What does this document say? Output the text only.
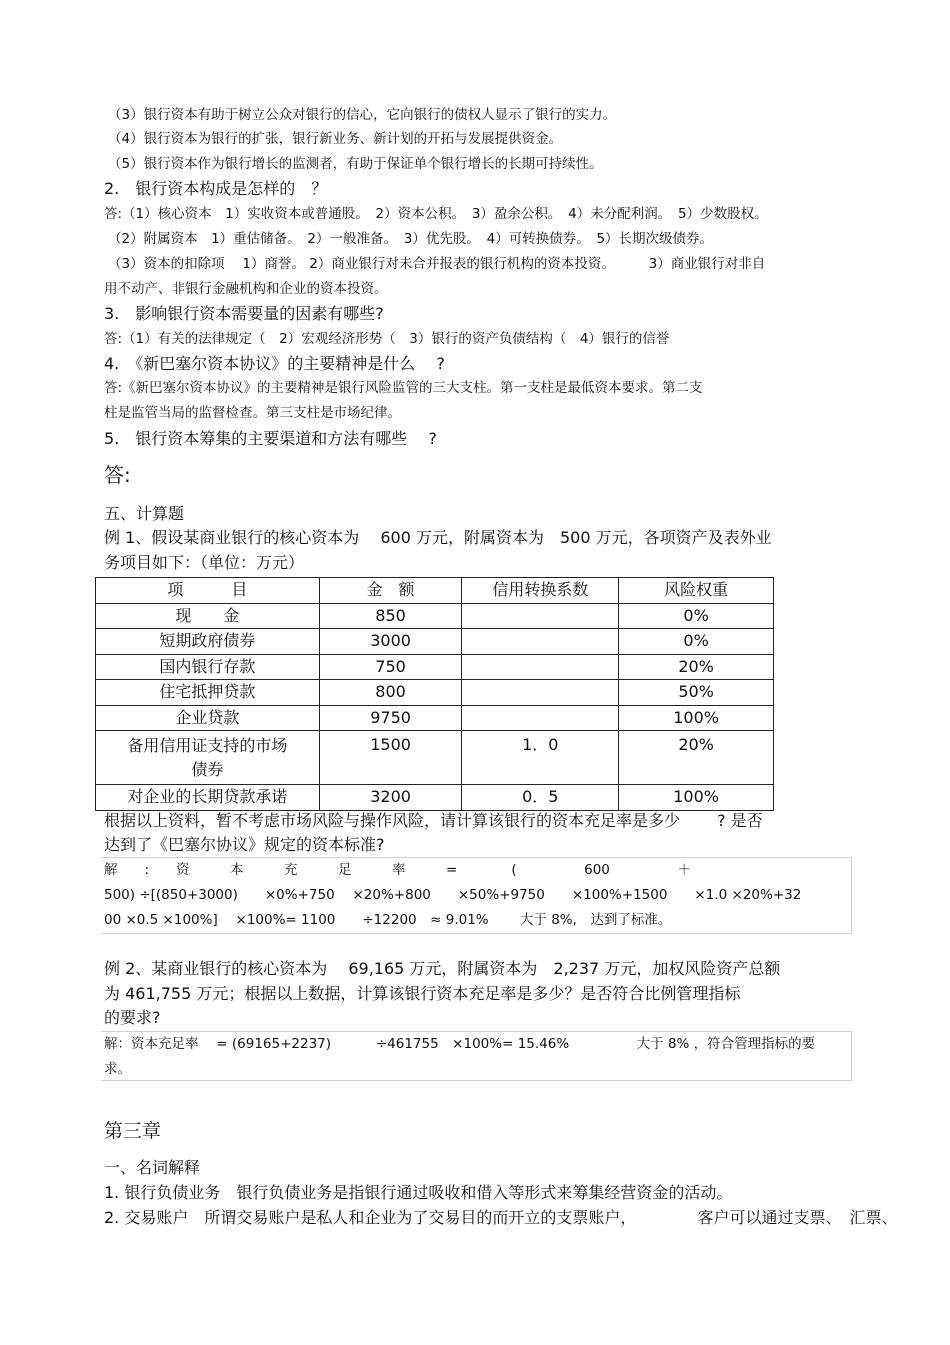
（3）银行资本有助于树立公众对银行的信心，它向银行的债权人显示了银行的实力。
（4）银行资本为银行的扩张，银行新业务、新计划的开拓与发展提供资金。
（5）银行资本作为银行增长的监测者，有助于保证单个银行增长的长期可持续性。
2.　银行资本构成是怎样的　？
答:（1）核心资本　1）实收资本或普通股。　2）资本公积。　3）盈余公积。　4）未分配利润。　5）少数股权。
（2）附属资本　1）重估储备。　2）一般准备。　3）优先股。　4）可转换债券。　5）长期次级债券。
（3）资本的扣除项　 1）商誉。 2）商业银行对未合并报表的银行机构的资本投资。　　　3）商业银行对非自
用不动产、非银行金融机构和企业的资本投资。
3.　影响银行资本需要量的因素有哪些?
答:（1）有关的法律规定（　2）宏观经济形势（　3）银行的资产负债结构（　4）银行的信誉
4.　《新巴塞尔资本协议》的主要精神是什么　 ?
答:《新巴塞尔资本协议》的主要精神是银行风险监管的三大支柱。第一支柱是最低资本要求。第二支
柱是监管当局的监督检查。第三支柱是市场纪律。
5.　银行资本筹集的主要渠道和方法有哪些　 ?
答:
五、计算题
例 1、假设某商业银行的核心资本为　 600 万元，附属资本为　500 万元，各项资产及表外业
务项目如下：（单位：万元）
项　　　目	金　额	信用转换系数	风险权重
现　　金	850		0%
短期政府债券	3000		0%
国内银行存款	750		20%
住宅抵押贷款	800		50%
企业贷款	9750		100%
备用信用证支持的市场
债券	1500	1．0	20%
对企业的长期贷款承诺	3200	0．5	100%
根据以上资料，暂不考虑市场风险与操作风险，请计算该银行的资本充足率是多少　　 ? 是否
达到了《巴塞尔协议》规定的资本标准?
解　　:　　资　　　本　　　充　　　足　　　率　　　=　　　　(　　　　　600　　　　　＋
500) ÷[(850+3000)　　×0%+750　 ×20%+800　　×50%+9750　　×100%+1500　　×1.0 ×20%+32
00 ×0.5 ×100%]　 ×100%= 1100　　÷12200　≈ 9.01%　　 大于 8%,　达到了标准。
例 2、某商业银行的核心资本为　 69,165 万元，附属资本为　2,237 万元，加权风险资产总额
为 461,755 万元；根据以上数据，计算该银行资本充足率是多少？是否符合比例管理指标
的要求?
解：资本充足率　 = (69165+2237)　　　 ÷461755　×100%= 15.46%　　　　　大于 8% ，符合管理指标的要
求。
第三章
一、名词解释
1. 银行负债业务　银行负债业务是指银行通过吸收和借入等形式来筹集经营资金的活动。
2. 交易账户　所谓交易账户是私人和企业为了交易目的而开立的支票账户，　　　　 客户可以通过支票、　汇票、
